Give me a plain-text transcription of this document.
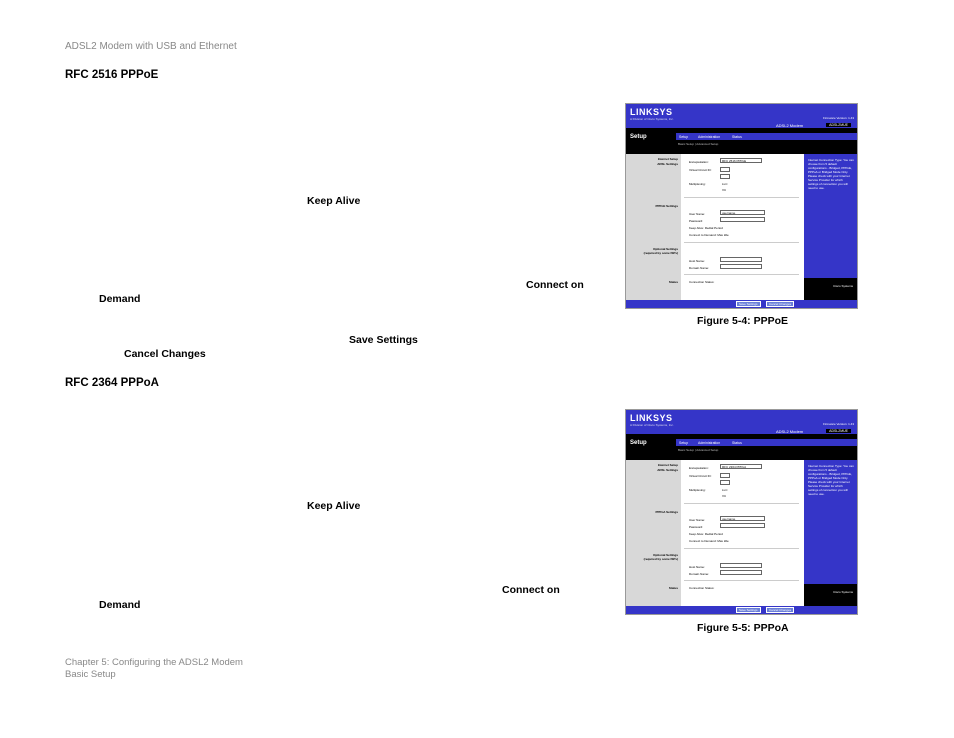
ADSL2 Modem with USB and Ethernet
RFC 2516 PPPoE
Keep Alive
Connect on
Demand
Save Settings
Cancel Changes
LINKSYS
A Division of Cisco Systems, Inc.	Firmware Version: 1.43
Setup
ADSL2 Modem	ADSL2MUE
Setup	Administration	Status
Basic Setup | Advanced Setup
Internet Setup
ADSL Settings
PPPoE Settings
Optional Settings
(required by some ISPs)
Status
Encapsulation:	RFC 2516 PPPoE
Virtual Circuit ID:
Multiplexing:	LLC
VC
User Name:	username
Password:
Keep Alive: Redial Period
Connect to Demand: Max Idle
Host Name:
Domain Name:
Connection Status:
Internet Connection Type: You can choose from 5 default configurations - Bridged, PPPoE, PPPoA or Bridged Mode Only. Please check with your Internet Service Provider for which settings of connection you will need to use.
Cisco Systems
Save Settings	Cancel Changes
Figure 5-4: PPPoE
RFC 2364 PPPoA
Keep Alive
Connect on
Demand
LINKSYS
A Division of Cisco Systems, Inc.	Firmware Version: 1.43
Setup
ADSL2 Modem	ADSL2MUE
Setup	Administration	Status
Basic Setup | Advanced Setup
Internet Setup
ADSL Settings
PPPoA Settings
Optional Settings
(required by some ISPs)
Status
Encapsulation:	RFC 2364 PPPoA
Virtual Circuit ID:
Multiplexing:	LLC
VC
User Name:	username
Password:
Keep Alive: Redial Period
Connect to Demand: Max Idle
Host Name:
Domain Name:
Connection Status:
Internet Connection Type: You can choose from 5 default configurations - Bridged, PPPoE, PPPoA or Bridged Mode Only. Please check with your Internet Service Provider for which settings of connection you will need to use.
Cisco Systems
Save Settings	Cancel Changes
Figure 5-5: PPPoA
Chapter 5: Configuring the ADSL2 Modem
Basic Setup
